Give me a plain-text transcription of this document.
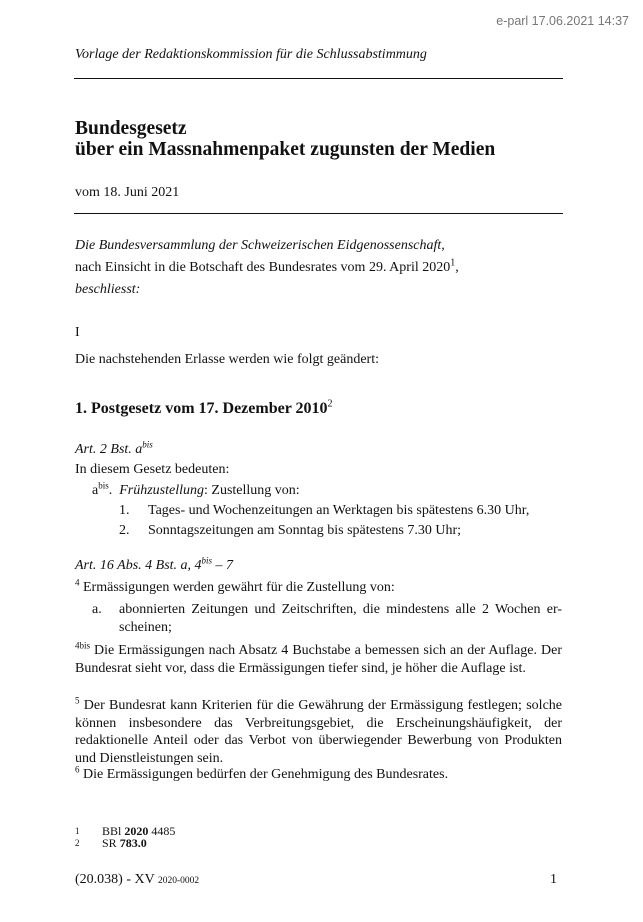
e-parl 17.06.2021 14:37
Vorlage der Redaktionskommission für die Schlussabstimmung
Bundesgesetz
über ein Massnahmenpaket zugunsten der Medien
vom 18. Juni 2021
Die Bundesversammlung der Schweizerischen Eidgenossenschaft,
nach Einsicht in die Botschaft des Bundesrates vom 29. April 2020$^1$,
beschliesst:
I
Die nachstehenden Erlasse werden wie folgt geändert:
1. Postgesetz vom 17. Dezember 2010$^2$
Art. 2 Bst. $a^{bis}$
In diesem Gesetz bedeuten:
$a^{bis}$. Frühzustellung: Zustellung von:
1. Tages- und Wochenzeitungen an Werktagen bis spätestens 6.30 Uhr,
2. Sonntagszeitungen am Sonntag bis spätestens 7.30 Uhr;
Art. 16 Abs. 4 Bst. a, $4^{bis} - 7$
$^4$ Ermässigungen werden gewährt für die Zustellung von:
a. abonnierten Zeitungen und Zeitschriften, die mindestens alle 2 Wochen er-scheinen;
$^{4bis}$ Die Ermässigungen nach Absatz 4 Buchstabe a bemessen sich an der Auflage. Der Bundesrat sieht vor, dass die Ermässigungen tiefer sind, je höher die Auflage ist.
$^5$ Der Bundesrat kann Kriterien für die Gewährung der Ermässigung festlegen; solche können insbesondere das Verbreitungsgebiet, die Erscheinungshäufigkeit, der redaktionelle Anteil oder das Verbot von überwiegender Bewerbung von Produkten und Dienstleistungen sein.
$^6$ Die Ermässigungen bedürfen der Genehmigung des Bundesrates.
1 BBl 2020 4485
2 SR 783.0
(20.038) - XV 2020-0002	1
